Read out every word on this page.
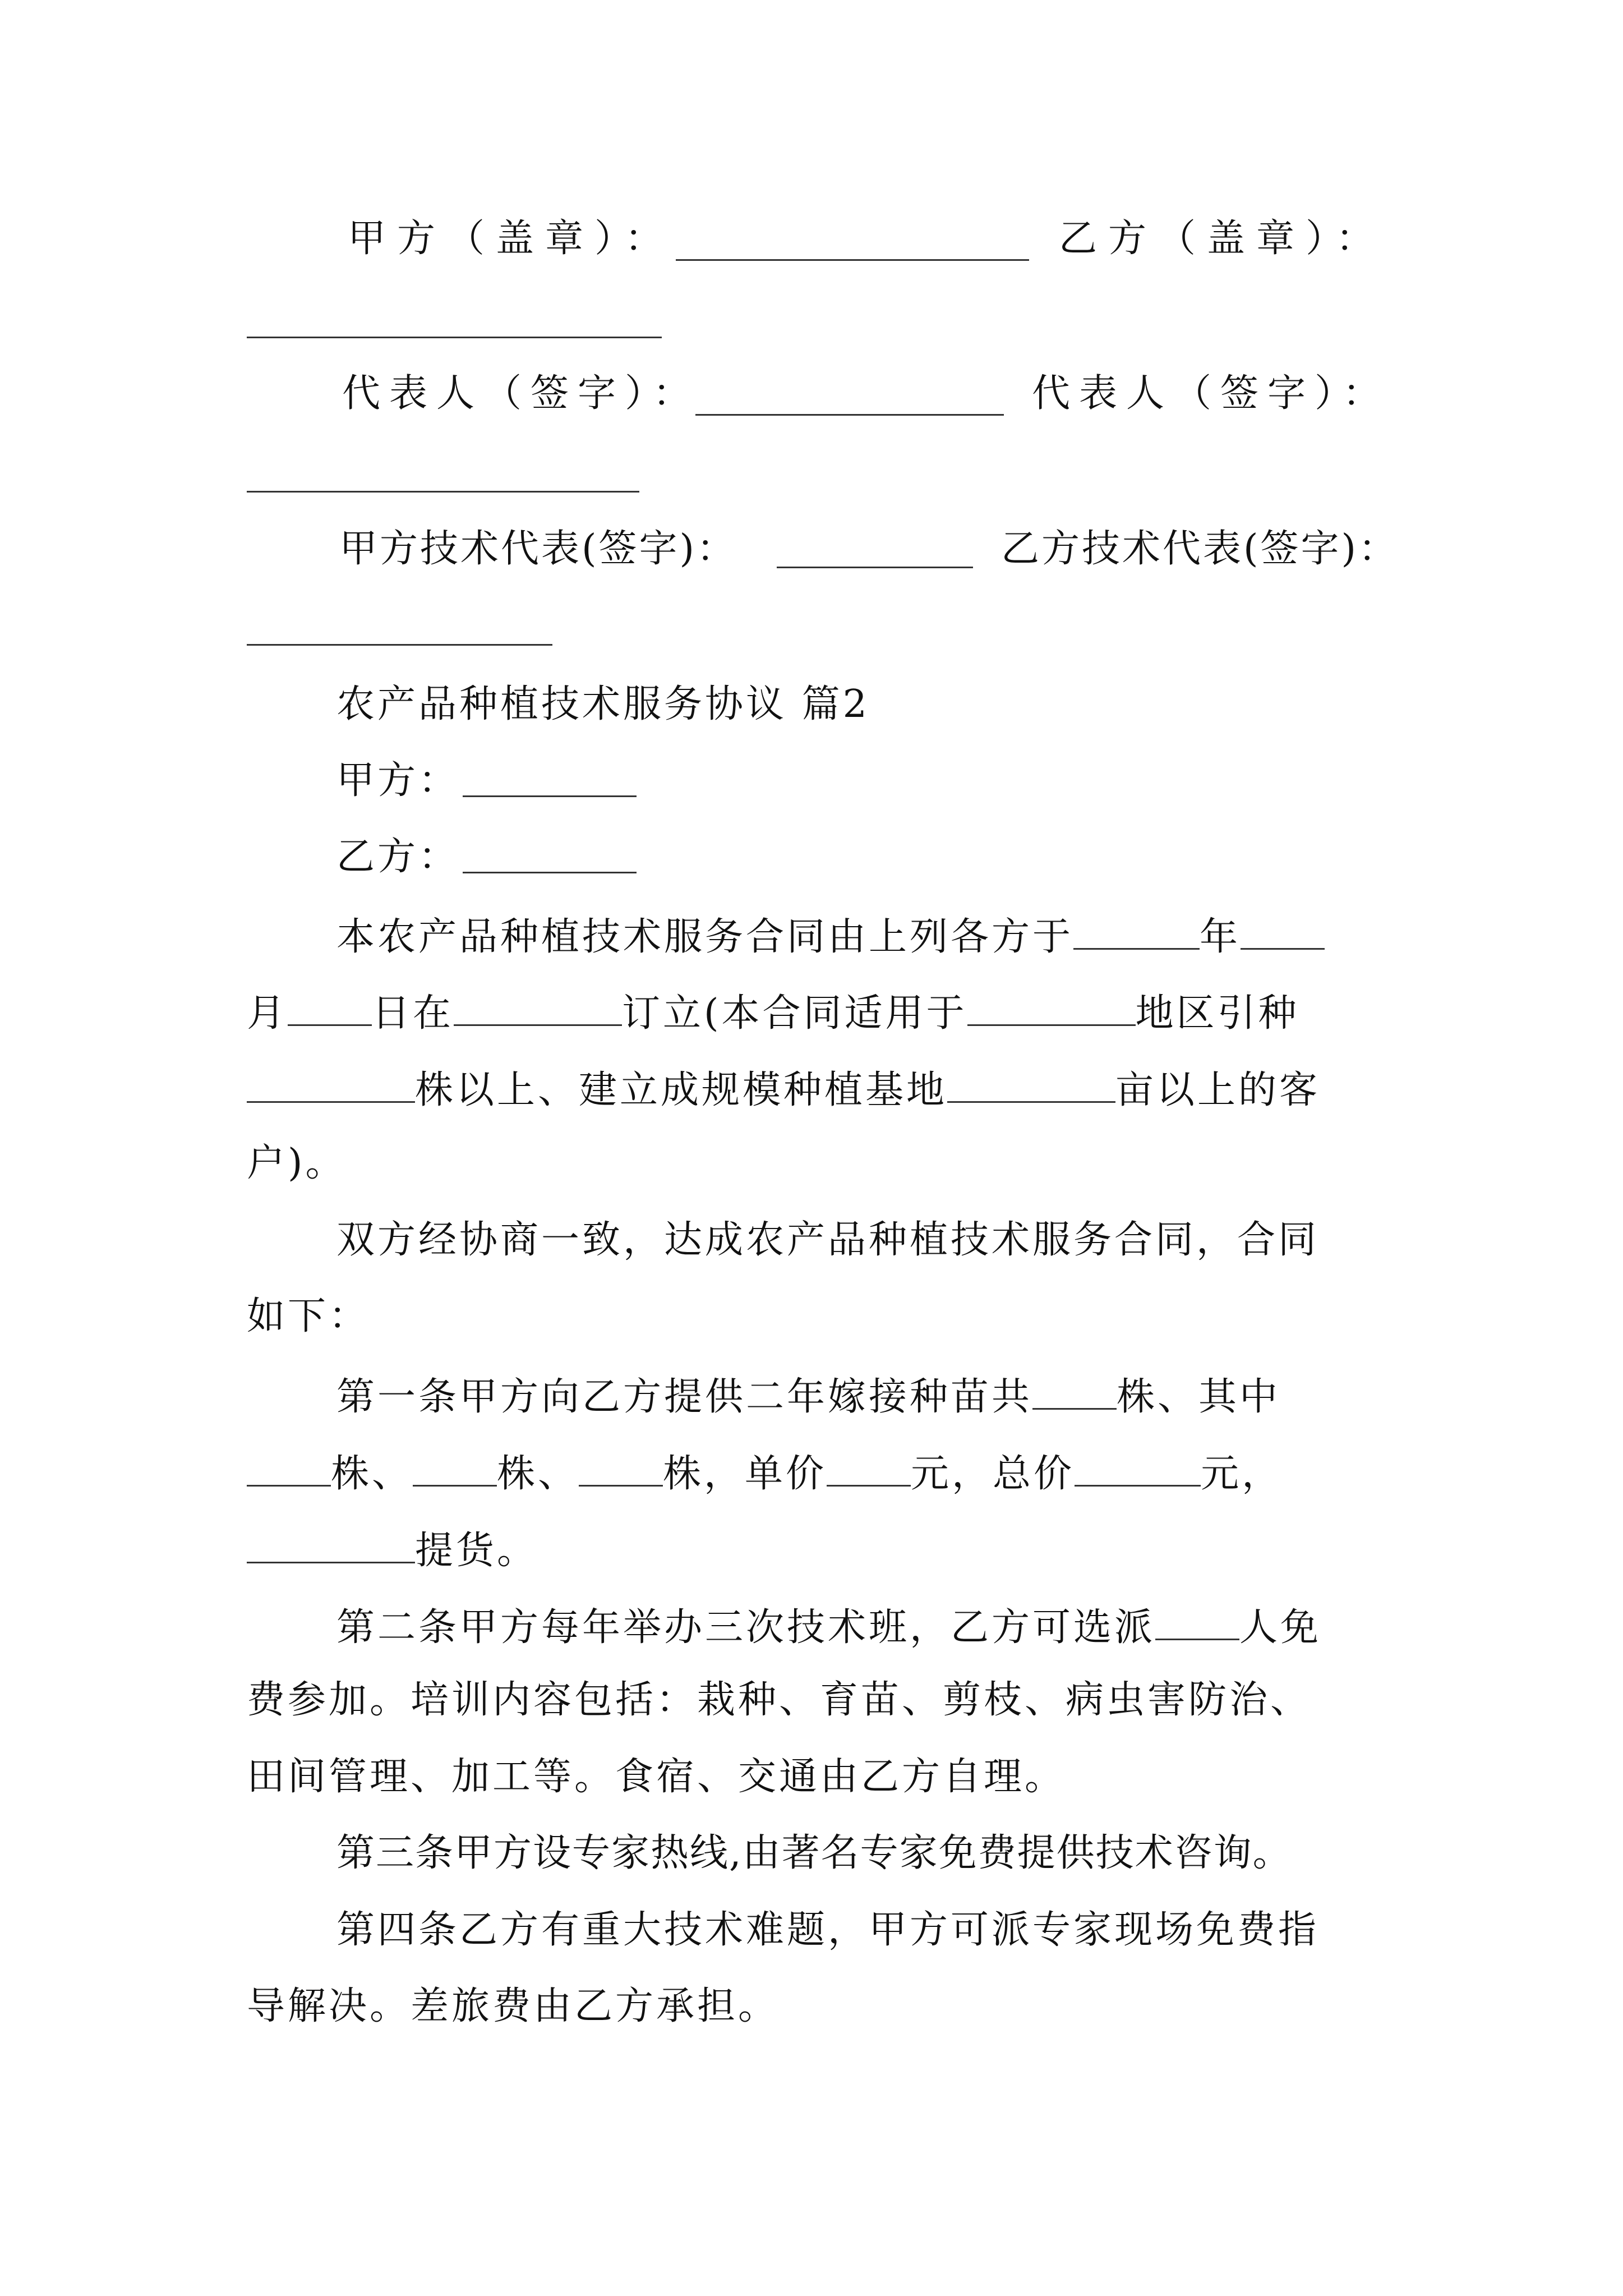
甲方（盖章）：	乙方（盖章）：
代表人（签字）：	代表人（签字）：
甲方技术代表(签字)：	乙方技术代表(签字)：
农产品种植技术服务协议 篇2
甲方：
乙方：
本农产品种植技术服务合同由上列各方于	年
月 日在	订立(本合同适用于	地区引种
株以上、建立成规模种植基地	亩以上的客
户)。
双方经协商一致，达成农产品种植技术服务合同，合同
如下：
第一条甲方向乙方提供二年嫁接种苗共 株、其中
株、 株、 株，单价 元，总价	元，
提货。
第二条甲方每年举办三次技术班，乙方可选派 人免
费参加。培训内容包括：栽种、育苗、剪枝、病虫害防治、
田间管理、加工等。食宿、交通由乙方自理。
第三条甲方设专家热线,由著名专家免费提供技术咨询。
第四条乙方有重大技术难题，甲方可派专家现场免费指
导解决。差旅费由乙方承担。
